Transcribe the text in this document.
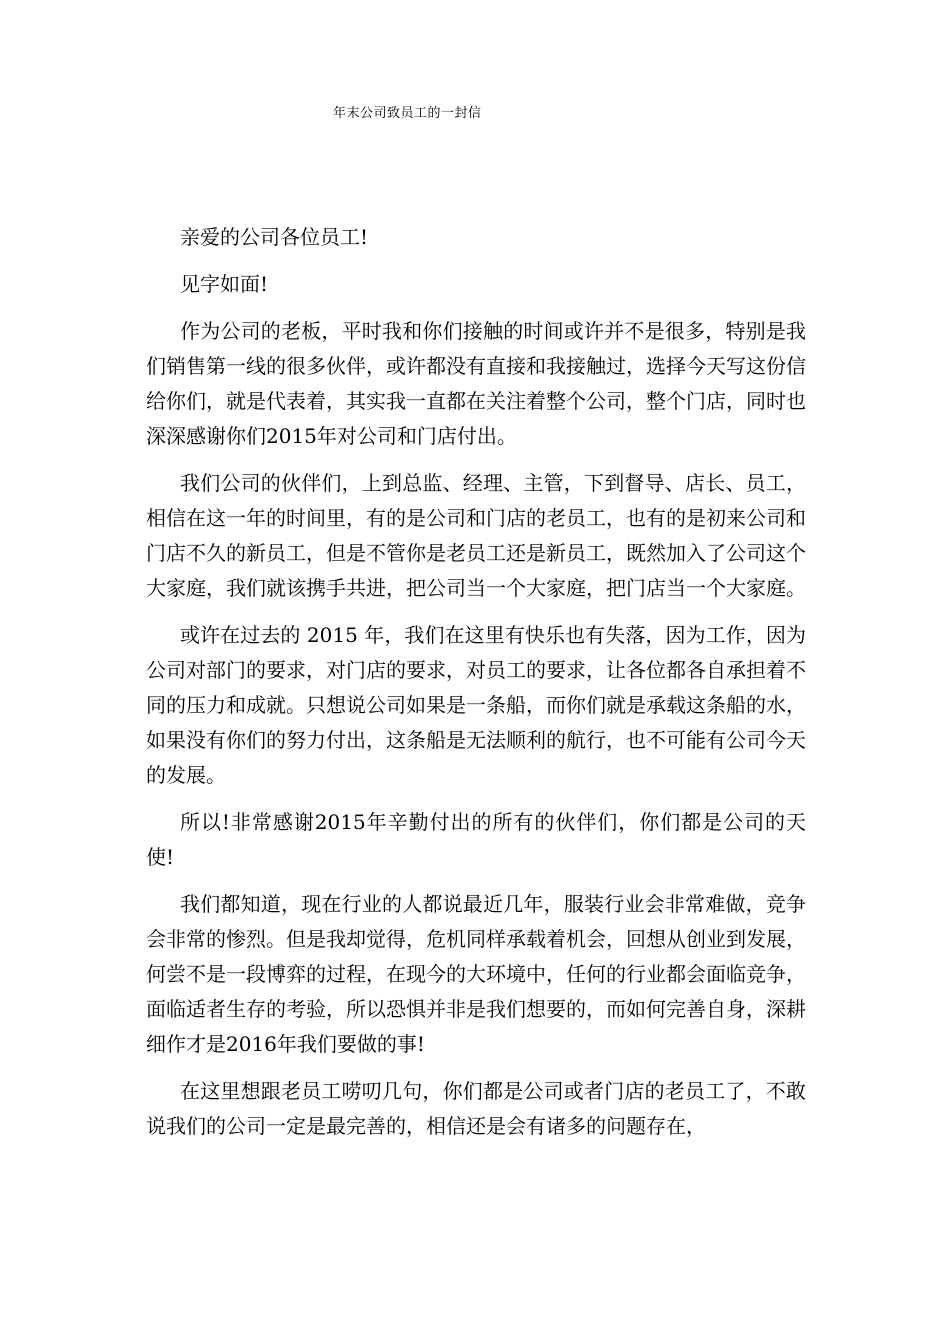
年末公司致员工的一封信

亲爱的公司各位员工!

见字如面!

作为公司的老板，平时我和你们接触的时间或许并不是很多，特别是我们销售第一线的很多伙伴，或许都没有直接和我接触过，选择今天写这份信给你们，就是代表着，其实我一直都在关注着整个公司，整个门店，同时也深深感谢你们2015年对公司和门店付出。

我们公司的伙伴们，上到总监、经理、主管，下到督导、店长、员工，相信在这一年的时间里，有的是公司和门店的老员工，也有的是初来公司和门店不久的新员工，但是不管你是老员工还是新员工，既然加入了公司这个大家庭，我们就该携手共进，把公司当一个大家庭，把门店当一个大家庭。

或许在过去的 2015 年，我们在这里有快乐也有失落，因为工作，因为公司对部门的要求，对门店的要求，对员工的要求，让各位都各自承担着不同的压力和成就。只想说公司如果是一条船，而你们就是承载这条船的水，如果没有你们的努力付出，这条船是无法顺利的航行，也不可能有公司今天的发展。

所以!非常感谢2015年辛勤付出的所有的伙伴们，你们都是公司的天使!

我们都知道，现在行业的人都说最近几年，服装行业会非常难做，竞争会非常的惨烈。但是我却觉得，危机同样承载着机会，回想从创业到发展，何尝不是一段博弈的过程，在现今的大环境中，任何的行业都会面临竞争，面临适者生存的考验，所以恐惧并非是我们想要的，而如何完善自身，深耕细作才是2016年我们要做的事!

在这里想跟老员工唠叨几句，你们都是公司或者门店的老员工了，不敢说我们的公司一定是最完善的，相信还是会有诸多的问题存在，
